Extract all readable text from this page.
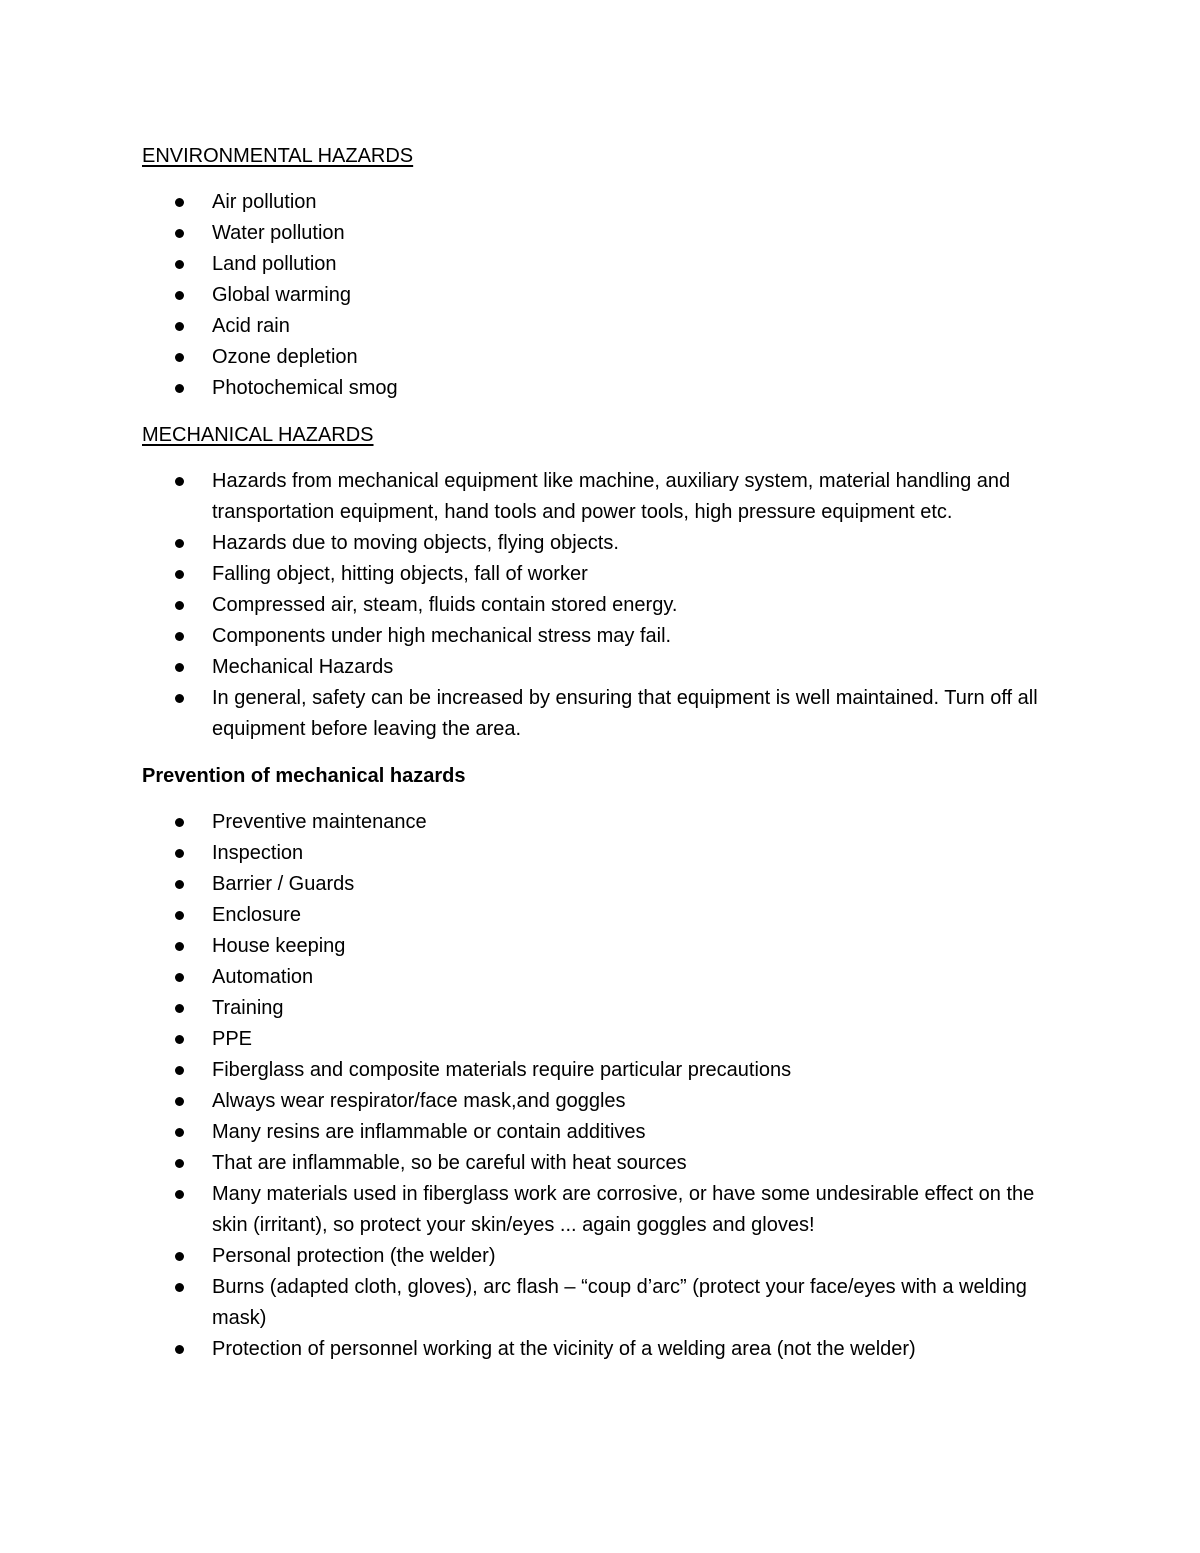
ENVIRONMENTAL HAZARDS
Air pollution
Water pollution
Land pollution
Global warming
Acid rain
Ozone depletion
Photochemical smog
MECHANICAL HAZARDS
Hazards from mechanical equipment like machine, auxiliary system, material handling and transportation equipment, hand tools and power tools, high pressure equipment etc.
Hazards due to moving objects, flying objects.
Falling object, hitting objects, fall of worker
Compressed air, steam, fluids contain stored energy.
Components under high mechanical stress may fail.
Mechanical Hazards
In general, safety can be increased by ensuring that equipment is well maintained. Turn off all equipment before leaving the area.
Prevention of mechanical hazards
Preventive maintenance
Inspection
Barrier / Guards
Enclosure
House keeping
Automation
Training
PPE
Fiberglass and composite materials require particular precautions
Always wear respirator/face mask,and goggles
Many resins are inflammable or contain additives
That are inflammable, so be careful with heat sources
Many materials used in fiberglass work are corrosive, or have some undesirable effect on the skin (irritant), so protect your skin/eyes ... again goggles and gloves!
Personal protection (the welder)
Burns (adapted cloth, gloves), arc flash – “coup d’arc” (protect your face/eyes with a welding mask)
Protection of personnel working at the vicinity of a welding area (not the welder)
